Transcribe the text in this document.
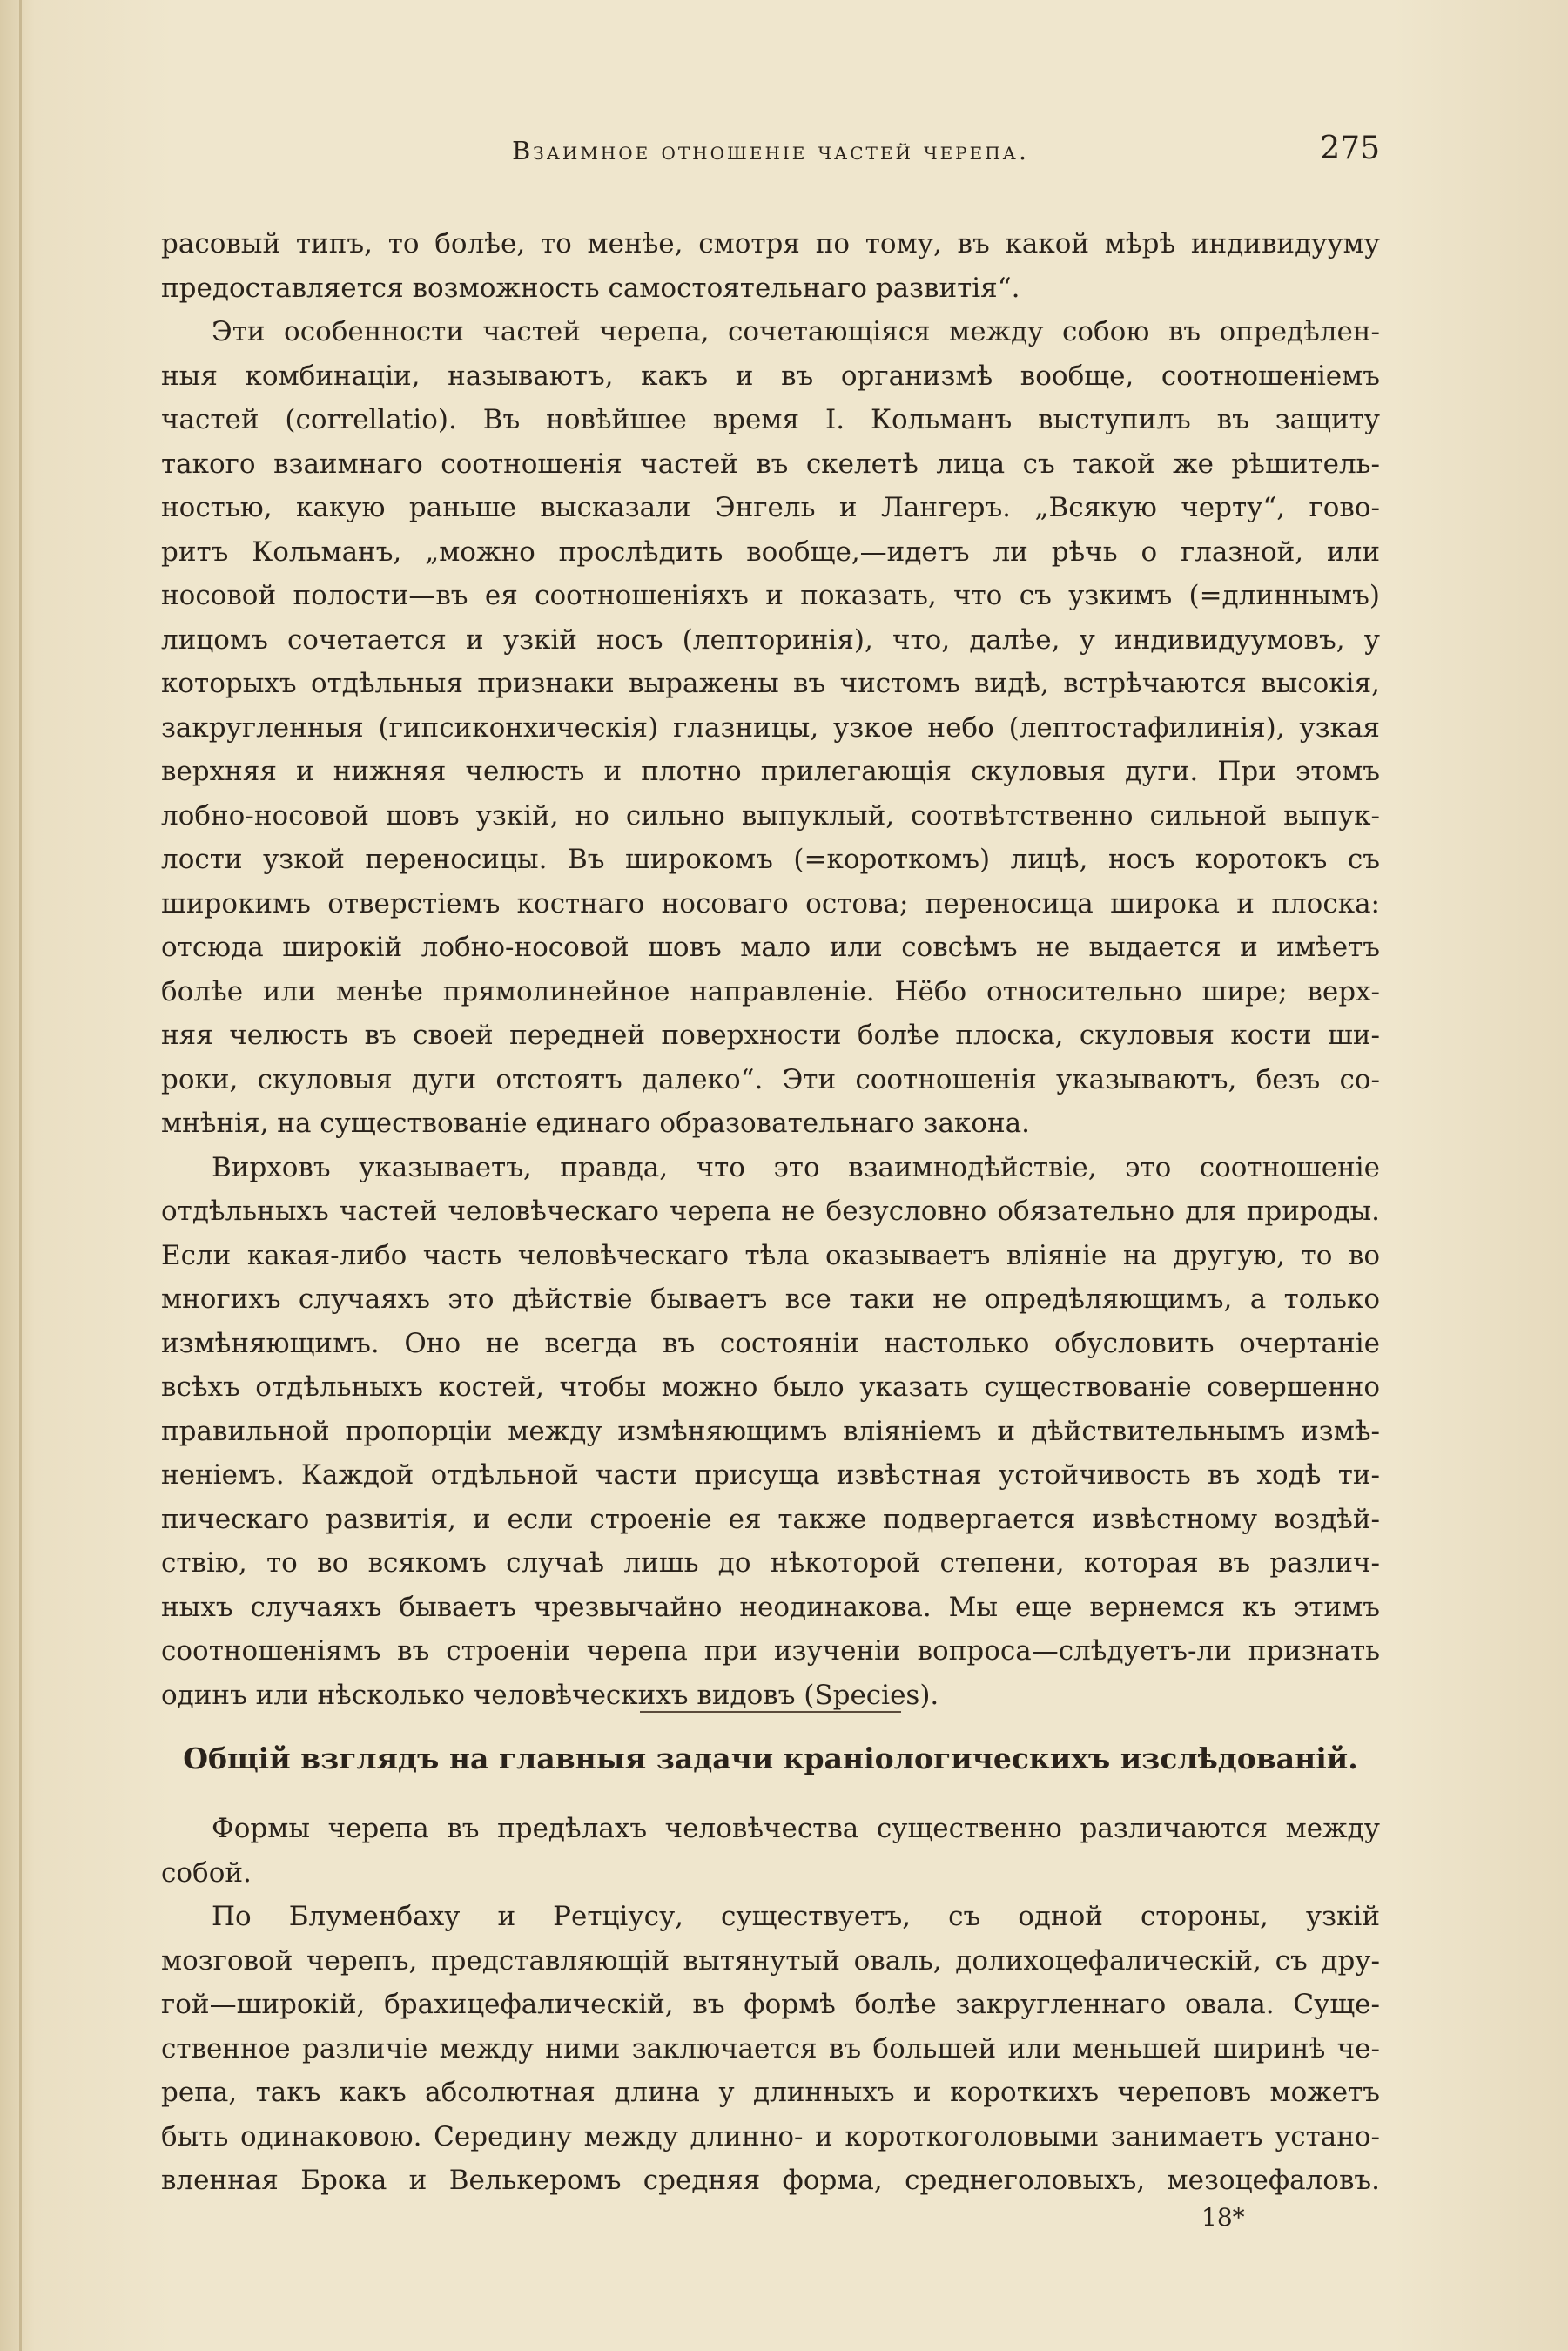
Взаимное отношеніе частей черепа.	275
расовый типъ, то болѣе, то менѣе, смотря по тому, въ какой мѣрѣ индивидууму
предоставляется возможность самостоятельнаго развитія“.
Эти особенности частей черепа, сочетающіяся между собою въ опредѣлен-
ныя комбинаціи, называютъ, какъ и въ организмѣ вообще, соотношеніемъ
частей (correllatio). Въ новѣйшее время I. Кольманъ выступилъ въ защиту
такого взаимнаго соотношенія частей въ скелетѣ лица съ такой же рѣшитель-
ностью, какую раньше высказали Энгель и Лангеръ. „Всякую черту“, гово-
ритъ Кольманъ, „можно прослѣдить вообще,—идетъ ли рѣчь о глазной, или
носовой полости—въ ея соотношеніяхъ и показать, что съ узкимъ (=длиннымъ)
лицомъ сочетается и узкій носъ (лепторинія), что, далѣе, у индивидуумовъ, у
которыхъ отдѣльныя признаки выражены въ чистомъ видѣ, встрѣчаются высокія,
закругленныя (гипсиконхическія) глазницы, узкое небо (лептостафилинія), узкая
верхняя и нижняя челюсть и плотно прилегающія скуловыя дуги. При этомъ
лобно-носовой шовъ узкій, но сильно выпуклый, соотвѣтственно сильной выпук-
лости узкой переносицы. Въ широкомъ (=короткомъ) лицѣ, носъ коротокъ съ
широкимъ отверстіемъ костнаго носоваго остова; переносица широка и плоска:
отсюда широкій лобно-носовой шовъ мало или совсѣмъ не выдается и имѣетъ
болѣе или менѣе прямолинейное направленіе. Нёбо относительно шире; верх-
няя челюсть въ своей передней поверхности болѣе плоска, скуловыя кости ши-
роки, скуловыя дуги отстоятъ далеко“. Эти соотношенія указываютъ, безъ со-
мнѣнія, на существованіе единаго образовательнаго закона.
Вирховъ указываетъ, правда, что это взаимнодѣйствіе, это соотношеніе
отдѣльныхъ частей человѣческаго черепа не безусловно обязательно для природы.
Если какая-либо часть человѣческаго тѣла оказываетъ вліяніе на другую, то во
многихъ случаяхъ это дѣйствіе бываетъ все таки не опредѣляющимъ, а только
измѣняющимъ. Оно не всегда въ состояніи настолько обусловить очертаніе
всѣхъ отдѣльныхъ костей, чтобы можно было указать существованіе совершенно
правильной пропорціи между измѣняющимъ вліяніемъ и дѣйствительнымъ измѣ-
неніемъ. Каждой отдѣльной части присуща извѣстная устойчивость въ ходѣ ти-
пическаго развитія, и если строеніе ея также подвергается извѣстному воздѣй-
ствію, то во всякомъ случаѣ лишь до нѣкоторой степени, которая въ различ-
ныхъ случаяхъ бываетъ чрезвычайно неодинакова. Мы еще вернемся къ этимъ
соотношеніямъ въ строеніи черепа при изученіи вопроса—слѣдуетъ-ли признать
одинъ или нѣсколько человѣческихъ видовъ (Species).
Общій взглядъ на главныя задачи краніологическихъ изслѣдованій.
Формы черепа въ предѣлахъ человѣчества существенно различаются между
собой.
По Блуменбаху и Ретціусу, существуетъ, съ одной стороны, узкій
мозговой черепъ, представляющій вытянутый оваль, долихоцефалическій, съ дру-
гой—широкій, брахицефалическій, въ формѣ болѣе закругленнаго овала. Суще-
ственное различіе между ними заключается въ большей или меньшей ширинѣ че-
репа, такъ какъ абсолютная длина у длинныхъ и короткихъ череповъ можетъ
быть одинаковою. Середину между длинно- и короткоголовыми занимаетъ устано-
вленная Брока и Велькеромъ средняя форма, среднеголовыхъ, мезоцефаловъ.
18*
